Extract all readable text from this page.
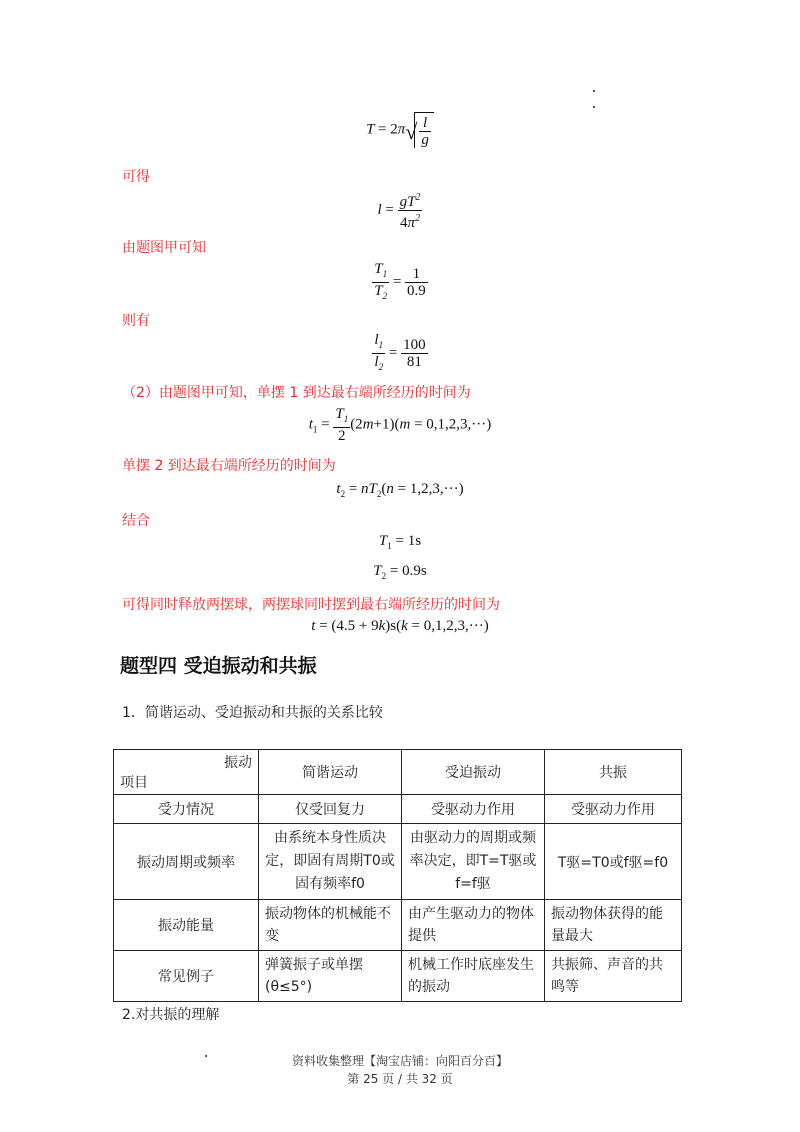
$T = 2\pi√ \frac{l}{g}$
可得
$l = \frac{gT^2}{4\pi^2}$
由题图甲可知
$\frac{T_1}{T_2} = \frac{1}{0.9}$
则有
$\frac{l_1}{l_2} = \frac{100}{81}$
（2）由题图甲可知，单摆 1 到达最右端所经历的时间为
$t_1 = \frac{T_1}{2} (2m+1)(m = 0,1,2,3,\cdot\cdot\cdot)$
单摆 2 到达最右端所经历的时间为
$t_2 = nT_2(n = 1,2,3,\cdot\cdot\cdot)$
结合
$T_1 = 1s$
$T_2 = 0.9s$
可得同时释放两摆球，两摆球同时摆到最右端所经历的时间为
t = (4.5 + 9k)s(k = 0,1,2,3,···)
题型四 受迫振动和共振
1．简谐运动、受迫振动和共振的关系比较
振动
项目	简谐运动	受迫振动	共振
受力情况	仅受回复力	受驱动力作用	受驱动力作用
振动周期或频率	由系统本身性质决定，即固有周期T0或固有频率f0	由驱动力的周期或频率决定，即T=T驱或f=f驱	T驱=T0或f驱=f0
振动能量	振动物体的机械能不变	由产生驱动力的物体提供	振动物体获得的能量最大
常见例子	弹簧振子或单摆(θ≤5°)	机械工作时底座发生的振动	共振筛、声音的共鸣等
2.对共振的理解
资料收集整理【淘宝店铺：向阳百分百】
第 25 页 / 共 32 页
